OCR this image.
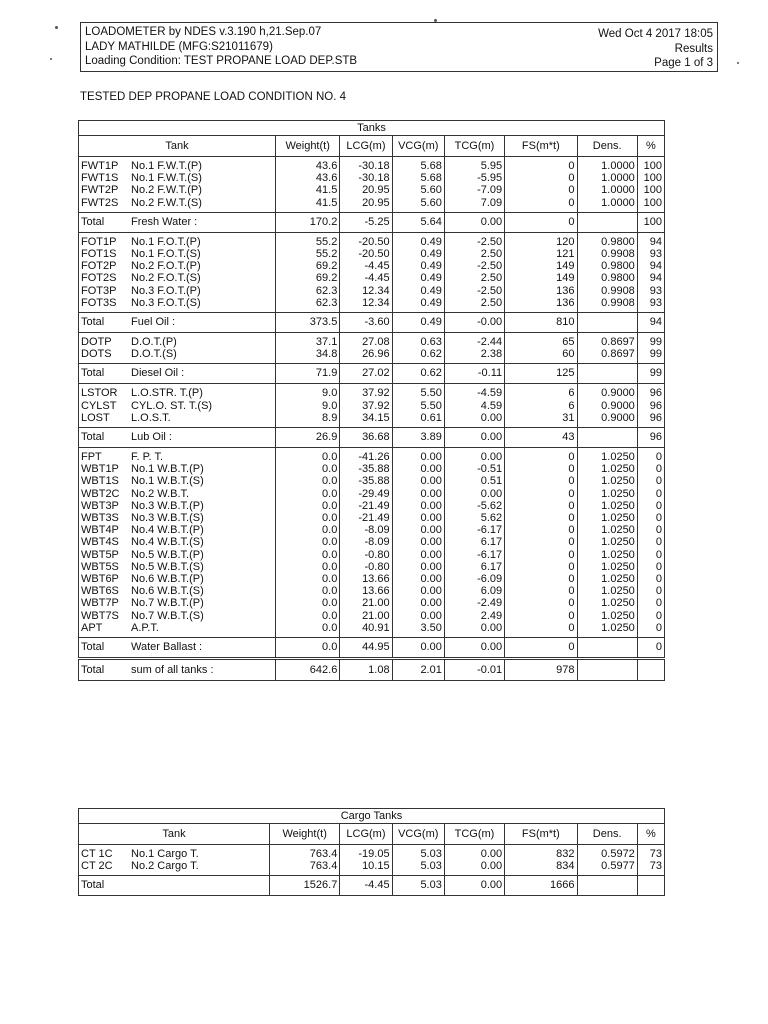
LOADOMETER by NDES v.3.190 h,21.Sep.07
LADY MATHILDE (MFG:S21011679)
Loading Condition: TEST PROPANE LOAD DEP.STB
Wed Oct 4 2017 18:05
Results
Page 1 of 3
TESTED DEP PROPANE LOAD CONDITION NO. 4
Tanks							
Tank	Weight(t)	LCG(m)	VCG(m)	TCG(m)	FS(m*t)	Dens.	%

FWT1P No.1 F.W.T.(P)	43.6	-30.18	5.68	5.95	0	1.0000	100
FWT1S No.1 F.W.T.(S)	43.6	-30.18	5.68	-5.95	0	1.0000	100
FWT2P No.2 F.W.T.(P)	41.5	20.95	5.60	-7.09	0	1.0000	100
FWT2S No.2 F.W.T.(S)	41.5	20.95	5.60	7.09	0	1.0000	100

Total Fresh Water :	170.2	-5.25	5.64	0.00	0		100

FOT1P No.1 F.O.T.(P)	55.2	-20.50	0.49	-2.50	120	0.9800	94
FOT1S No.1 F.O.T.(S)	55.2	-20.50	0.49	2.50	121	0.9908	93
FOT2P No.2 F.O.T.(P)	69.2	-4.45	0.49	-2.50	149	0.9800	94
FOT2S No.2 F.O.T.(S)	69.2	-4.45	0.49	2.50	149	0.9800	94
FOT3P No.3 F.O.T.(P)	62.3	12.34	0.49	-2.50	136	0.9908	93
FOT3S No.3 F.O.T.(S)	62.3	12.34	0.49	2.50	136	0.9908	93

Total Fuel Oil :	373.5	-3.60	0.49	-0.00	810		94

DOTP D.O.T.(P)	37.1	27.08	0.63	-2.44	65	0.8697	99
DOTS D.O.T.(S)	34.8	26.96	0.62	2.38	60	0.8697	99

Total Diesel Oil :	71.9	27.02	0.62	-0.11	125		99

LSTOR L.O.STR. T.(P)	9.0	37.92	5.50	-4.59	6	0.9000	96
CYLST CYL.O. ST. T.(S)	9.0	37.92	5.50	4.59	6	0.9000	96
LOST L.O.S.T.	8.9	34.15	0.61	0.00	31	0.9000	96

Total Lub Oil :	26.9	36.68	3.89	0.00	43		96

FPT F. P. T.	0.0	-41.26	0.00	0.00	0	1.0250	0
WBT1P No.1 W.B.T.(P)	0.0	-35.88	0.00	-0.51	0	1.0250	0
WBT1S No.1 W.B.T.(S)	0.0	-35.88	0.00	0.51	0	1.0250	0
WBT2C No.2 W.B.T.	0.0	-29.49	0.00	0.00	0	1.0250	0
WBT3P No.3 W.B.T.(P)	0.0	-21.49	0.00	-5.62	0	1.0250	0
WBT3S No.3 W.B.T.(S)	0.0	-21.49	0.00	5.62	0	1.0250	0
WBT4P No.4 W.B.T.(P)	0.0	-8.09	0.00	-6.17	0	1.0250	0
WBT4S No.4 W.B.T.(S)	0.0	-8.09	0.00	6.17	0	1.0250	0
WBT5P No.5 W.B.T.(P)	0.0	-0.80	0.00	-6.17	0	1.0250	0
WBT5S No.5 W.B.T.(S)	0.0	-0.80	0.00	6.17	0	1.0250	0
WBT6P No.6 W.B.T.(P)	0.0	13.66	0.00	-6.09	0	1.0250	0
WBT6S No.6 W.B.T.(S)	0.0	13.66	0.00	6.09	0	1.0250	0
WBT7P No.7 W.B.T.(P)	0.0	21.00	0.00	-2.49	0	1.0250	0
WBT7S No.7 W.B.T.(S)	0.0	21.00	0.00	2.49	0	1.0250	0
APT A.P.T.	0.0	40.91	3.50	0.00	0	1.0250	0

Total Water Ballast :	0.0	44.95	0.00	0.00	0		0
Total sum of all tanks :	642.6	1.08	2.01	-0.01	978		
Cargo Tanks							
Tank	Weight(t)	LCG(m)	VCG(m)	TCG(m)	FS(m*t)	Dens.	%

CT 1C No.1 Cargo T.	763.4	-19.05	5.03	0.00	832	0.5972	73
CT 2C No.2 Cargo T.	763.4	10.15	5.03	0.00	834	0.5977	73

Total	1526.7	-4.45	5.03	0.00	1666		
